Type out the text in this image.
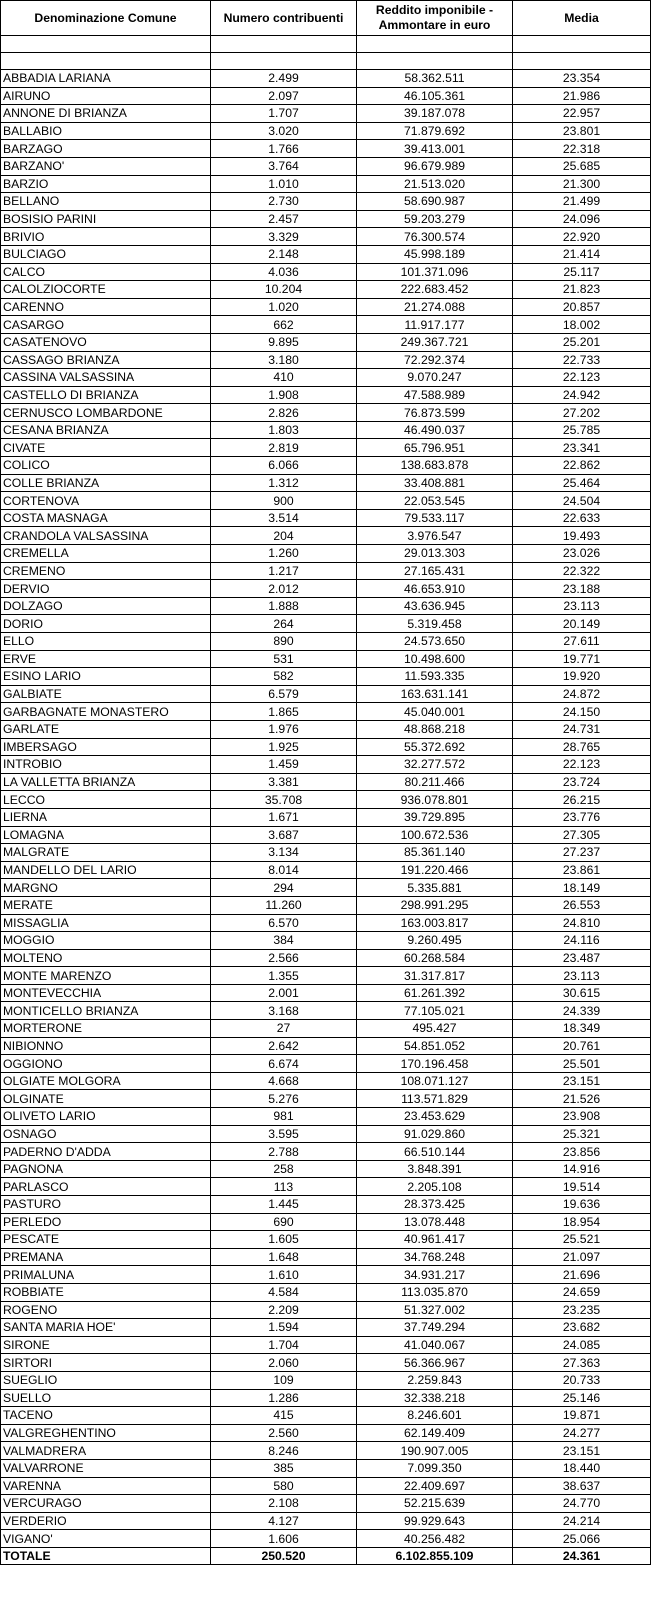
Denominazione Comune	Numero contribuenti	Reddito imponibile - Ammontare in euro	Media

ABBADIA LARIANA	2.499	58.362.511	23.354
AIRUNO	2.097	46.105.361	21.986
ANNONE DI BRIANZA	1.707	39.187.078	22.957
BALLABIO	3.020	71.879.692	23.801
BARZAGO	1.766	39.413.001	22.318
BARZANO'	3.764	96.679.989	25.685
BARZIO	1.010	21.513.020	21.300
BELLANO	2.730	58.690.987	21.499
BOSISIO PARINI	2.457	59.203.279	24.096
BRIVIO	3.329	76.300.574	22.920
BULCIAGO	2.148	45.998.189	21.414
CALCO	4.036	101.371.096	25.117
CALOLZIOCORTE	10.204	222.683.452	21.823
CARENNO	1.020	21.274.088	20.857
CASARGO	662	11.917.177	18.002
CASATENOVO	9.895	249.367.721	25.201
CASSAGO BRIANZA	3.180	72.292.374	22.733
CASSINA VALSASSINA	410	9.070.247	22.123
CASTELLO DI BRIANZA	1.908	47.588.989	24.942
CERNUSCO LOMBARDONE	2.826	76.873.599	27.202
CESANA BRIANZA	1.803	46.490.037	25.785
CIVATE	2.819	65.796.951	23.341
COLICO	6.066	138.683.878	22.862
COLLE BRIANZA	1.312	33.408.881	25.464
CORTENOVA	900	22.053.545	24.504
COSTA MASNAGA	3.514	79.533.117	22.633
CRANDOLA VALSASSINA	204	3.976.547	19.493
CREMELLA	1.260	29.013.303	23.026
CREMENO	1.217	27.165.431	22.322
DERVIO	2.012	46.653.910	23.188
DOLZAGO	1.888	43.636.945	23.113
DORIO	264	5.319.458	20.149
ELLO	890	24.573.650	27.611
ERVE	531	10.498.600	19.771
ESINO LARIO	582	11.593.335	19.920
GALBIATE	6.579	163.631.141	24.872
GARBAGNATE MONASTERO	1.865	45.040.001	24.150
GARLATE	1.976	48.868.218	24.731
IMBERSAGO	1.925	55.372.692	28.765
INTROBIO	1.459	32.277.572	22.123
LA VALLETTA BRIANZA	3.381	80.211.466	23.724
LECCO	35.708	936.078.801	26.215
LIERNA	1.671	39.729.895	23.776
LOMAGNA	3.687	100.672.536	27.305
MALGRATE	3.134	85.361.140	27.237
MANDELLO DEL LARIO	8.014	191.220.466	23.861
MARGNO	294	5.335.881	18.149
MERATE	11.260	298.991.295	26.553
MISSAGLIA	6.570	163.003.817	24.810
MOGGIO	384	9.260.495	24.116
MOLTENO	2.566	60.268.584	23.487
MONTE MARENZO	1.355	31.317.817	23.113
MONTEVECCHIA	2.001	61.261.392	30.615
MONTICELLO BRIANZA	3.168	77.105.021	24.339
MORTERONE	27	495.427	18.349
NIBIONNO	2.642	54.851.052	20.761
OGGIONO	6.674	170.196.458	25.501
OLGIATE MOLGORA	4.668	108.071.127	23.151
OLGINATE	5.276	113.571.829	21.526
OLIVETO LARIO	981	23.453.629	23.908
OSNAGO	3.595	91.029.860	25.321
PADERNO D'ADDA	2.788	66.510.144	23.856
PAGNONA	258	3.848.391	14.916
PARLASCO	113	2.205.108	19.514
PASTURO	1.445	28.373.425	19.636
PERLEDO	690	13.078.448	18.954
PESCATE	1.605	40.961.417	25.521
PREMANA	1.648	34.768.248	21.097
PRIMALUNA	1.610	34.931.217	21.696
ROBBIATE	4.584	113.035.870	24.659
ROGENO	2.209	51.327.002	23.235
SANTA MARIA HOE'	1.594	37.749.294	23.682
SIRONE	1.704	41.040.067	24.085
SIRTORI	2.060	56.366.967	27.363
SUEGLIO	109	2.259.843	20.733
SUELLO	1.286	32.338.218	25.146
TACENO	415	8.246.601	19.871
VALGREGHENTINO	2.560	62.149.409	24.277
VALMADRERA	8.246	190.907.005	23.151
VALVARRONE	385	7.099.350	18.440
VARENNA	580	22.409.697	38.637
VERCURAGO	2.108	52.215.639	24.770
VERDERIO	4.127	99.929.643	24.214
VIGANO'	1.606	40.256.482	25.066
TOTALE	250.520	6.102.855.109	24.361
